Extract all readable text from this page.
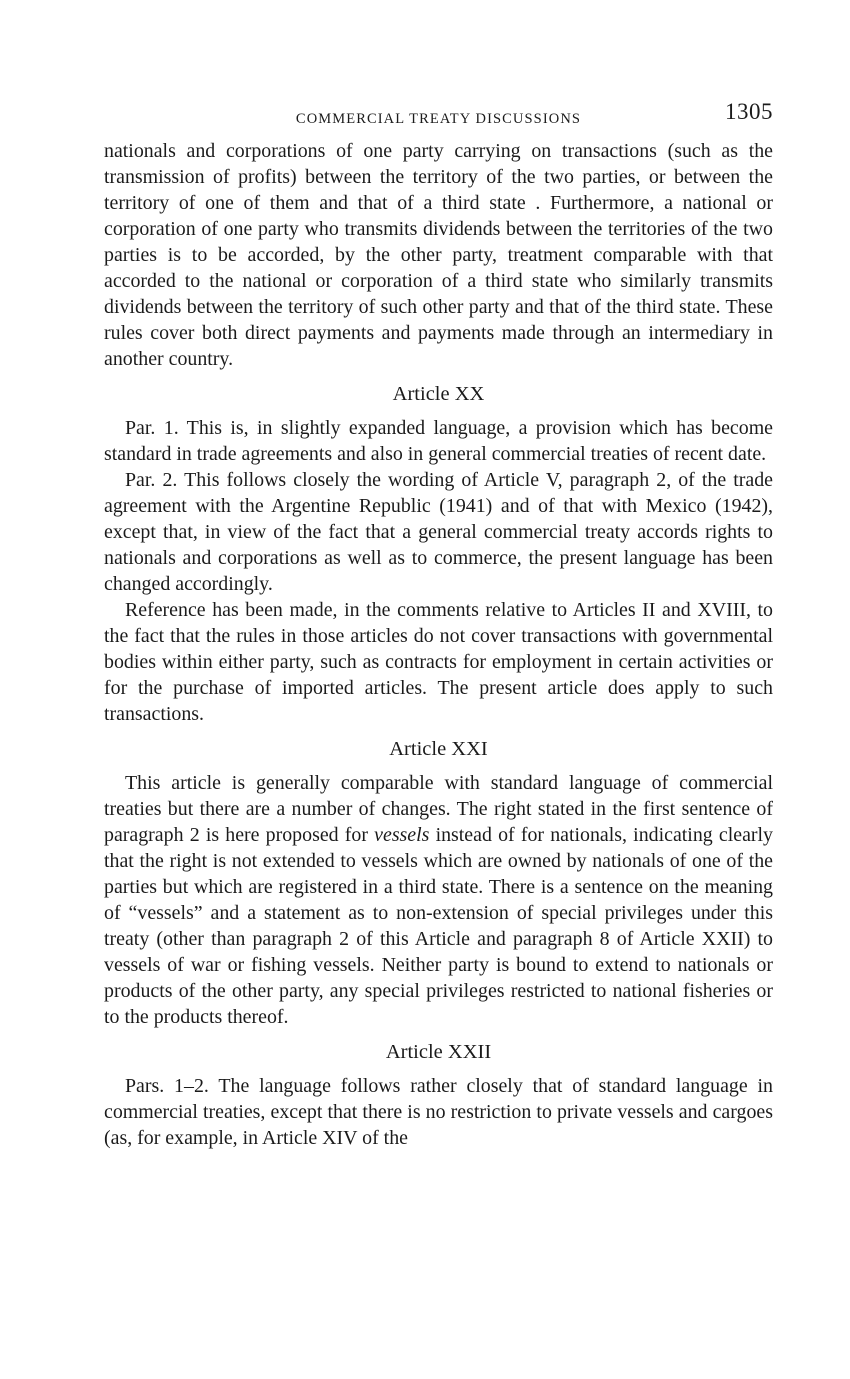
COMMERCIAL TREATY DISCUSSIONS	1305

nationals and corporations of one party carrying on transactions (such as the transmission of profits) between the territory of the two parties, or between the territory of one of them and that of a third state . Furthermore, a national or corporation of one party who transmits dividends between the territories of the two parties is to be accorded, by the other party, treatment comparable with that accorded to the national or corporation of a third state who similarly transmits dividends between the territory of such other party and that of the third state. These rules cover both direct payments and payments made through an intermediary in another country.

Article XX

Par. 1. This is, in slightly expanded language, a provision which has become standard in trade agreements and also in general commercial treaties of recent date.

Par. 2. This follows closely the wording of Article V, paragraph 2, of the trade agreement with the Argentine Republic (1941) and of that with Mexico (1942), except that, in view of the fact that a general commercial treaty accords rights to nationals and corporations as well as to commerce, the present language has been changed accordingly.

Reference has been made, in the comments relative to Articles II and XVIII, to the fact that the rules in those articles do not cover transactions with governmental bodies within either party, such as contracts for employment in certain activities or for the purchase of imported articles. The present article does apply to such transactions.

Article XXI

This article is generally comparable with standard language of commercial treaties but there are a number of changes. The right stated in the first sentence of paragraph 2 is here proposed for vessels instead of for nationals, indicating clearly that the right is not extended to vessels which are owned by nationals of one of the parties but which are registered in a third state. There is a sentence on the meaning of “vessels” and a statement as to non-extension of special privileges under this treaty (other than paragraph 2 of this Article and paragraph 8 of Article XXII) to vessels of war or fishing vessels. Neither party is bound to extend to nationals or products of the other party, any special privileges restricted to national fisheries or to the products thereof.

Article XXII

Pars. 1–2. The language follows rather closely that of standard language in commercial treaties, except that there is no restriction to private vessels and cargoes (as, for example, in Article XIV of the
